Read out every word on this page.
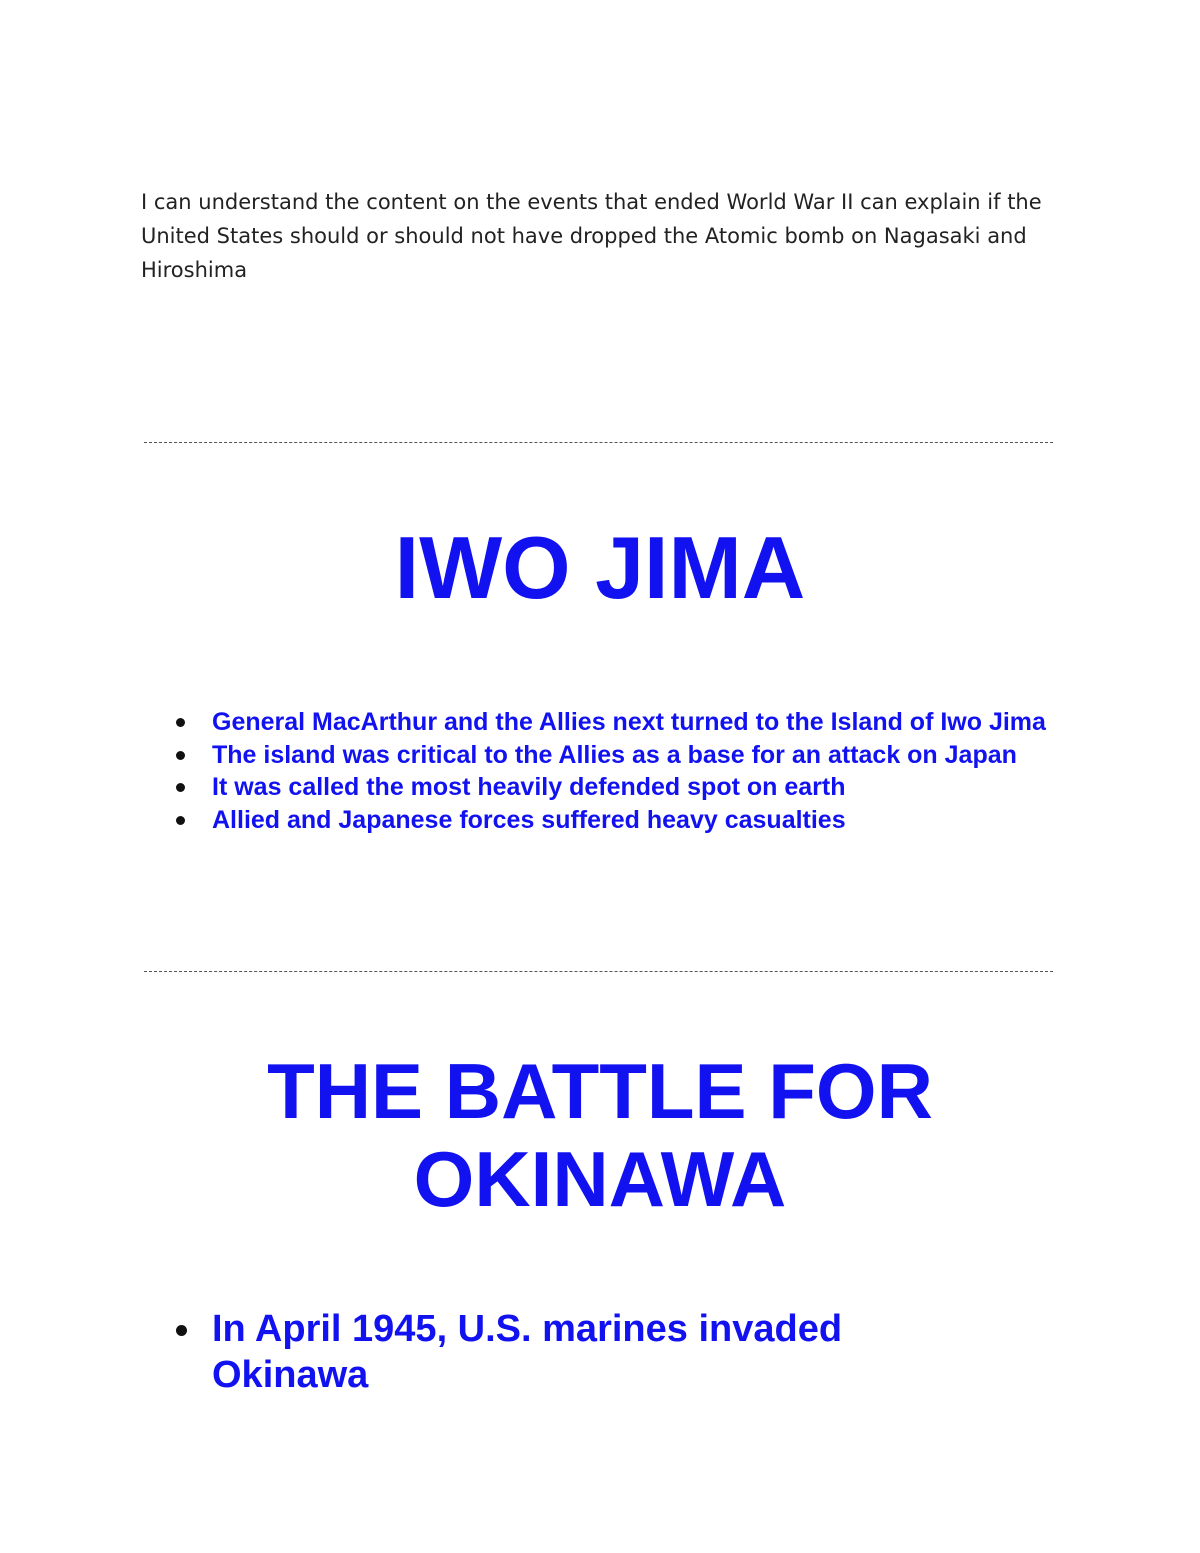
I can understand the content on the events that ended World War II can explain if the United States should or should not have dropped the Atomic bomb on Nagasaki and Hiroshima

IWO JIMA
General MacArthur and the Allies next turned to the Island of Iwo Jima
The island was critical to the Allies as a base for an attack on Japan
It was called the most heavily defended spot on earth
Allied and Japanese forces suffered heavy casualties
THE BATTLE FOR
OKINAWA
In April 1945, U.S. marines invaded Okinawa
